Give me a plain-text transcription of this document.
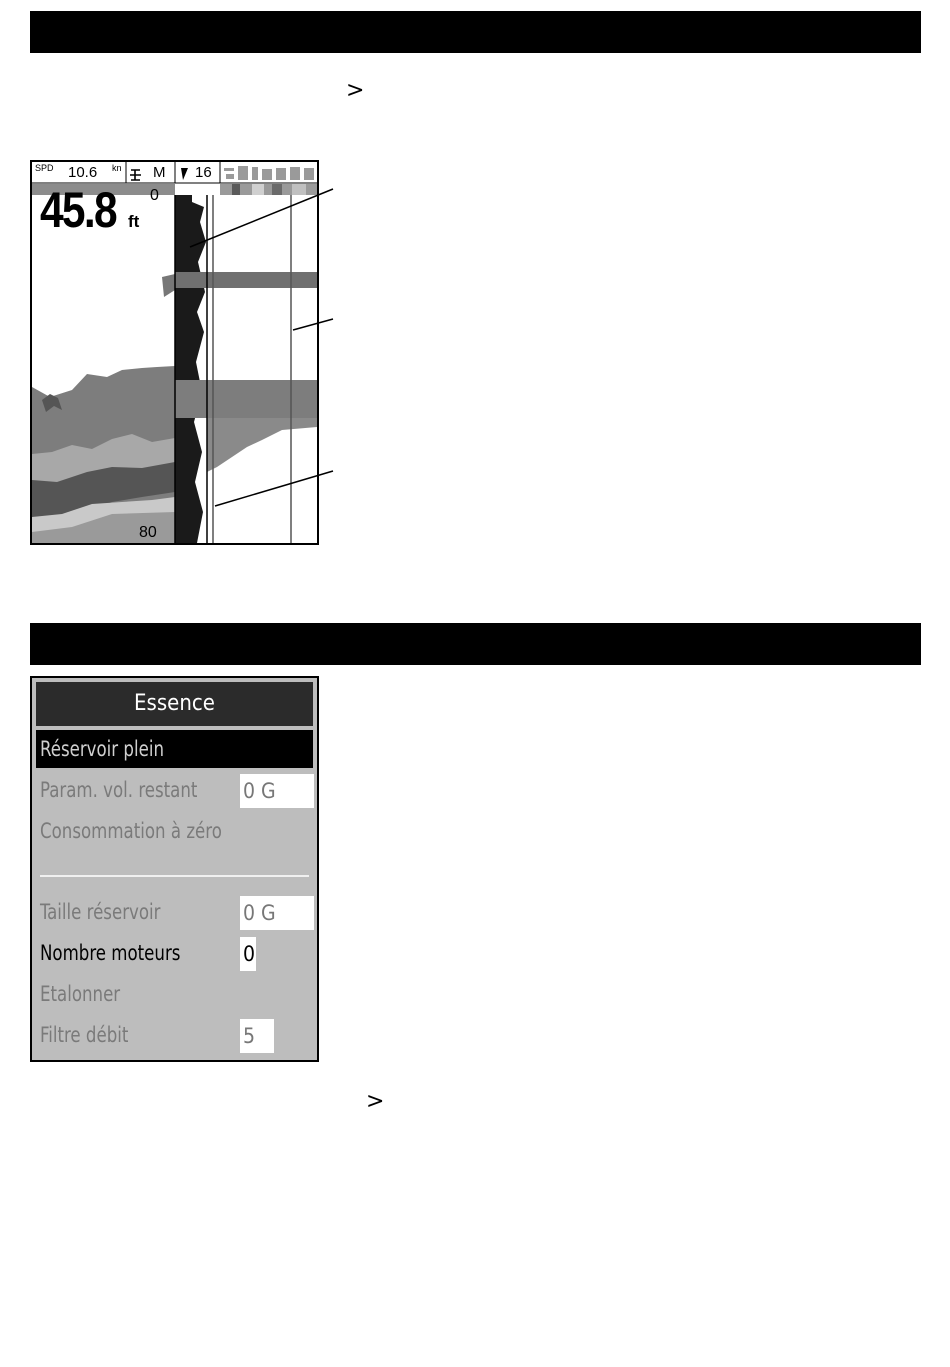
>
>
SPD 10.6 kn M 16
45.8 ft
0
80
Essence
Réservoir plein
Param. vol. restant 0 G
Consommation à zéro
Taille réservoir	0 G
Nombre moteurs	0
Etalonner
Filtre débit	5
